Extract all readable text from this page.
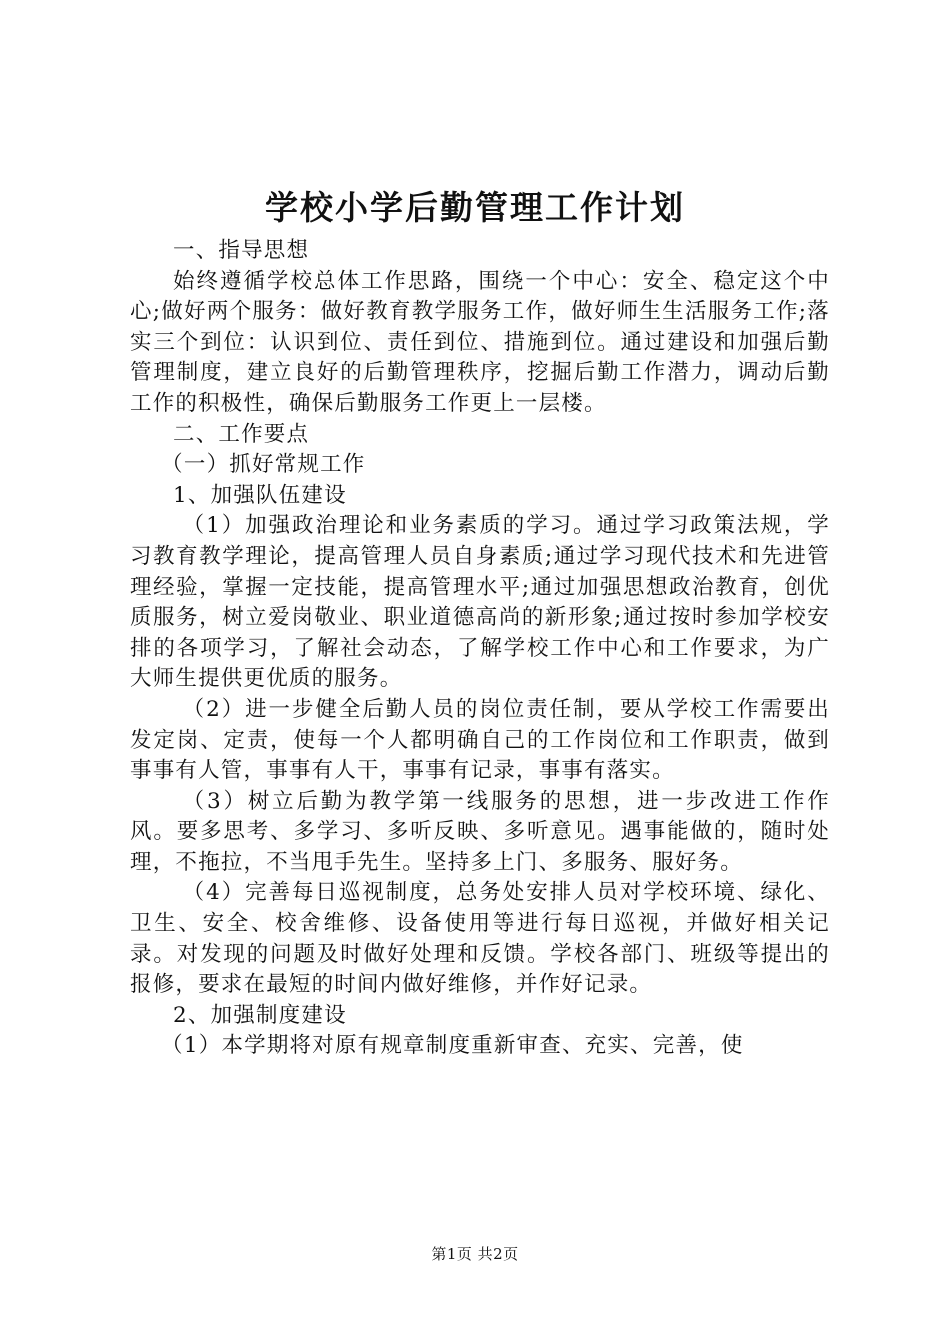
学校小学后勤管理工作计划

一、指导思想

始终遵循学校总体工作思路，围绕一个中心：安全、稳定这个中心;做好两个服务：做好教育教学服务工作，做好师生生活服务工作;落实三个到位：认识到位、责任到位、措施到位。通过建设和加强后勤管理制度，建立良好的后勤管理秩序，挖掘后勤工作潜力，调动后勤工作的积极性，确保后勤服务工作更上一层楼。

二、工作要点

（一）抓好常规工作

1、加强队伍建设

（1）加强政治理论和业务素质的学习。通过学习政策法规，学习教育教学理论，提高管理人员自身素质;通过学习现代技术和先进管理经验，掌握一定技能，提高管理水平;通过加强思想政治教育，创优质服务，树立爱岗敬业、职业道德高尚的新形象;通过按时参加学校安排的各项学习，了解社会动态，了解学校工作中心和工作要求，为广大师生提供更优质的服务。

（2）进一步健全后勤人员的岗位责任制，要从学校工作需要出发定岗、定责，使每一个人都明确自己的工作岗位和工作职责，做到事事有人管，事事有人干，事事有记录，事事有落实。

（3）树立后勤为教学第一线服务的思想，进一步改进工作作风。要多思考、多学习、多听反映、多听意见。遇事能做的，随时处理，不拖拉，不当甩手先生。坚持多上门、多服务、服好务。

（4）完善每日巡视制度，总务处安排人员对学校环境、绿化、卫生、安全、校舍维修、设备使用等进行每日巡视，并做好相关记录。对发现的问题及时做好处理和反馈。学校各部门、班级等提出的报修，要求在最短的时间内做好维修，并作好记录。

2、加强制度建设

（1）本学期将对原有规章制度重新审查、充实、完善，使

第1页 共2页
